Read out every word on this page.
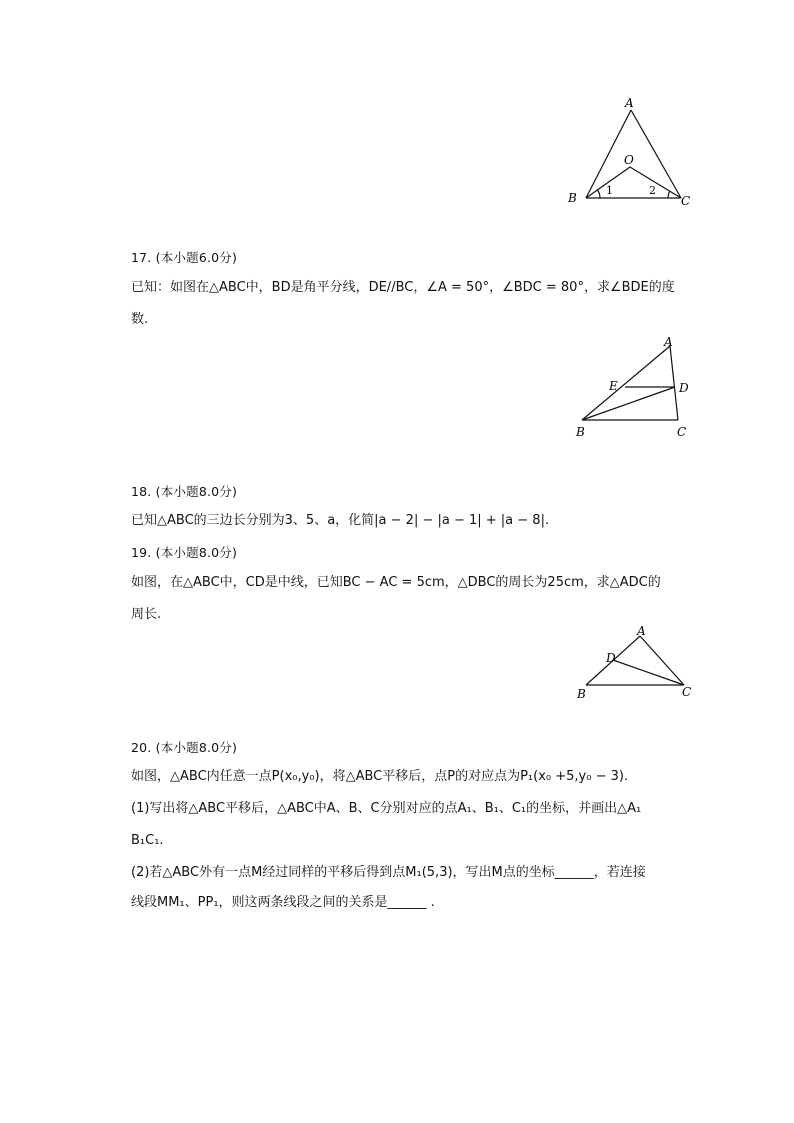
A
O
B	C
1	2
17. (本小题6.0分)
已知：如图在△ABC中，BD是角平分线，DE//BC，∠A = 50°，∠BDC = 80°，求∠BDE的度
数.
A
E	D
B	C
18. (本小题8.0分)
已知△ABC的三边长分别为3、5、a，化简|a − 2| − |a − 1| + |a − 8|.
19. (本小题8.0分)
如图，在△ABC中，CD是中线，已知BC − AC = 5cm，△DBC的周长为25cm，求△ADC的
周长.
A
D
B	C
20. (本小题8.0分)
如图，△ABC内任意一点P(x₀,y₀)，将△ABC平移后，点P的对应点为P₁(x₀ +5,y₀ − 3).
(1)写出将△ABC平移后，△ABC中A、B、C分别对应的点A₁、B₁、C₁的坐标，并画出△A₁
B₁C₁.
(2)若△ABC外有一点M经过同样的平移后得到点M₁(5,3)，写出M点的坐标______，若连接
线段MM₁、PP₁，则这两条线段之间的关系是______ .
